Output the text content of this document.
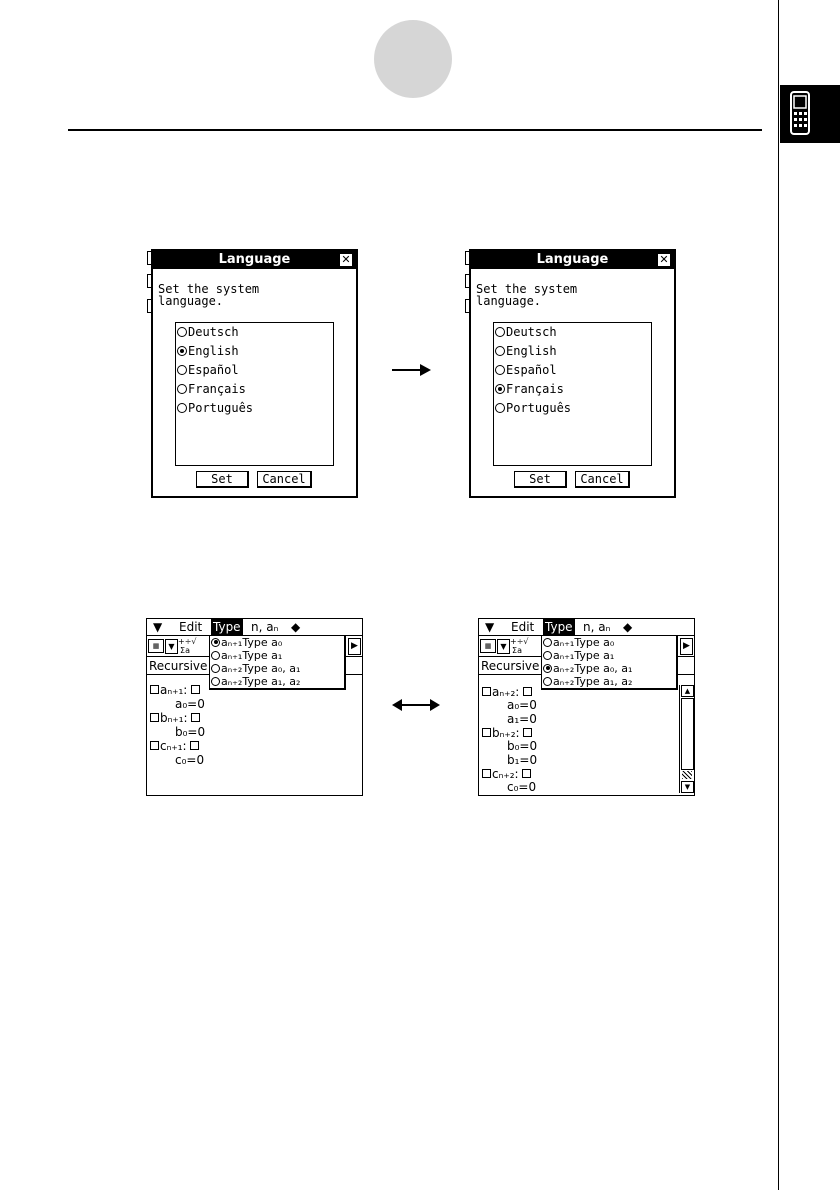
Language	✕
Set the system
language.
Deutsch
English
Español
Français
Português
Set	Cancel
Language	✕
Set the system
language.
Deutsch
English
Español
Français
Português
Set	Cancel
▼ Edit Type n, aₙ ◆
▦	▼
+÷√
Σa	▶
Recursive
aₙ₊₁:
a₀=0
bₙ₊₁:
b₀=0
cₙ₊₁:
c₀=0
aₙ₊₁Type a₀
aₙ₊₁Type a₁
aₙ₊₂Type a₀, a₁
aₙ₊₂Type a₁, a₂
▼ Edit Type n, aₙ ◆
▦	▼
+÷√
Σa	▶
Recursive
aₙ₊₂:
a₀=0
a₁=0
bₙ₊₂:
b₀=0
b₁=0
cₙ₊₂:
c₀=0
▲
▼
aₙ₊₁Type a₀
aₙ₊₁Type a₁
aₙ₊₂Type a₀, a₁
aₙ₊₂Type a₁, a₂
